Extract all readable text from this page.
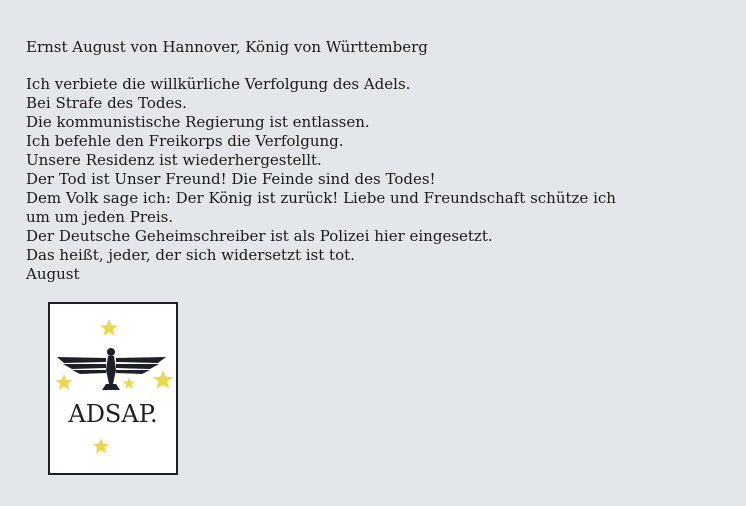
Ernst August von Hannover, König von Württemberg

Ich verbiete die willkürliche Verfolgung des Adels.
Bei Strafe des Todes.
Die kommunistische Regierung ist entlassen.
Ich befehle den Freikorps die Verfolgung.
Unsere Residenz ist wiederhergestellt.
Der Tod ist Unser Freund! Die Feinde sind des Todes!
Dem Volk sage ich: Der König ist zurück! Liebe und Freundschaft schütze ich
um um jeden Preis.
Der Deutsche Geheimschreiber ist als Polizei hier eingesetzt.
Das heißt, jeder, der sich widersetzt ist tot.
August

ADSAP.
